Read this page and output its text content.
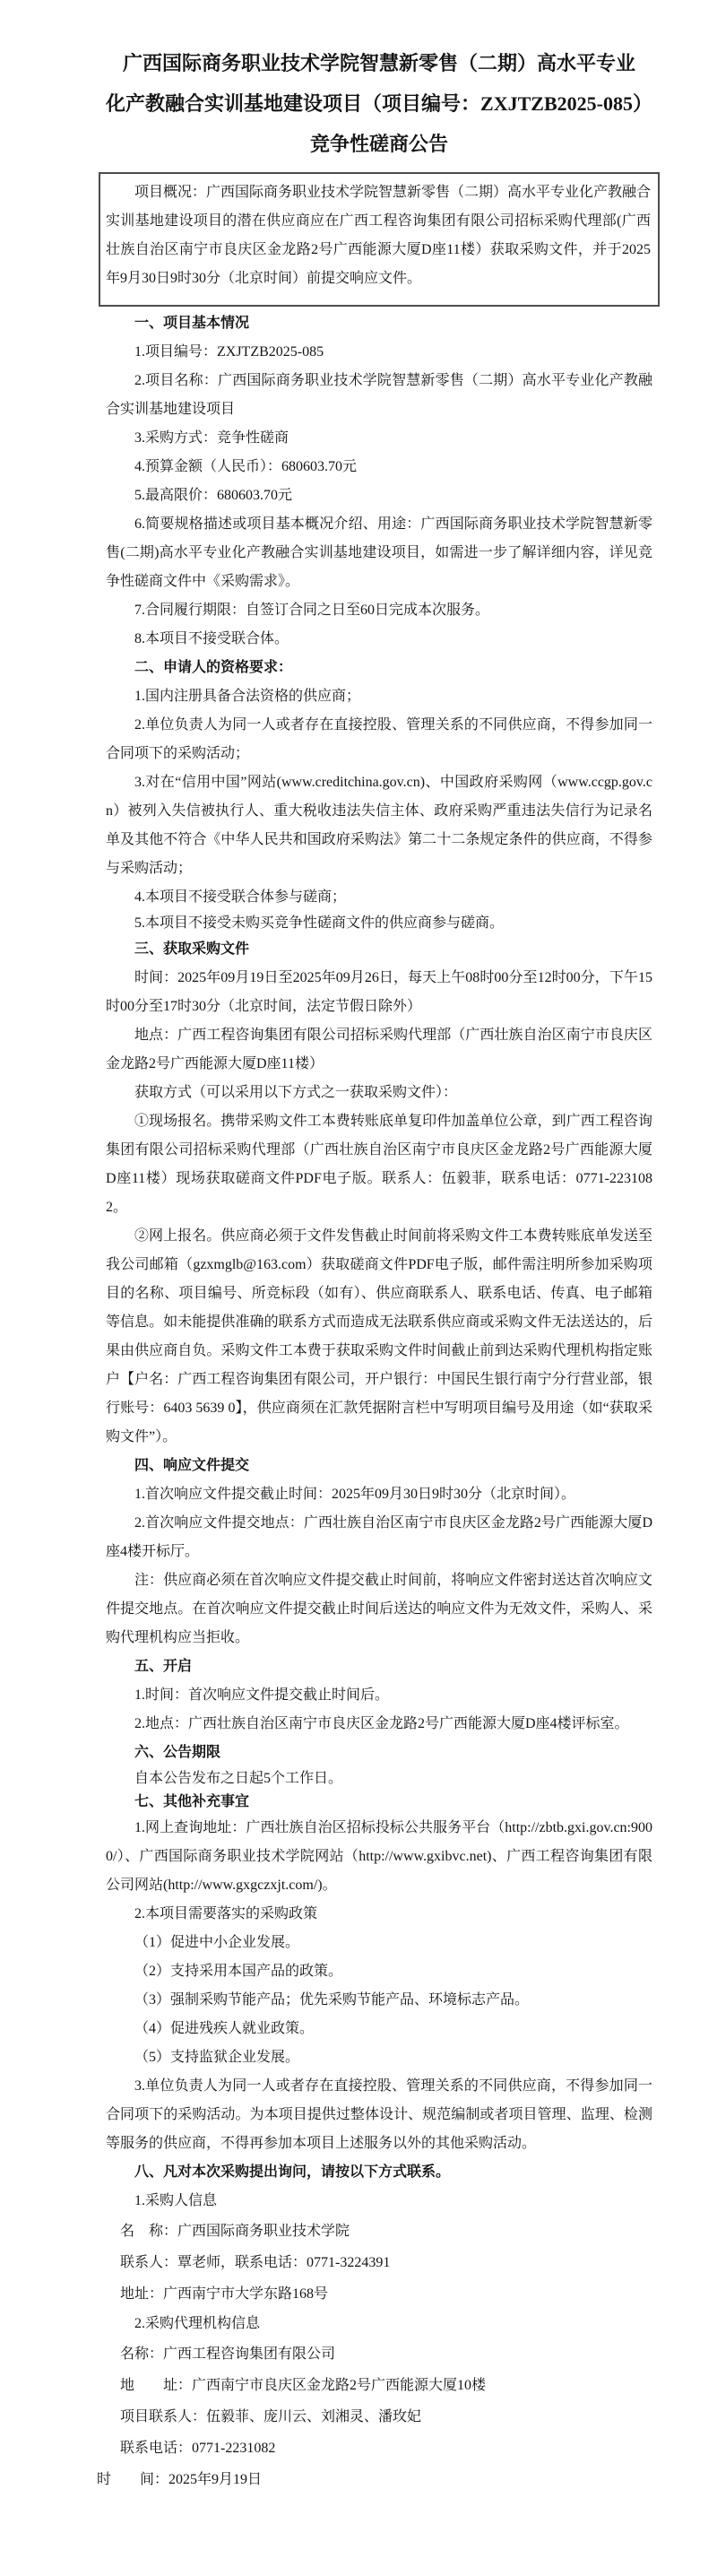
广西国际商务职业技术学院智慧新零售（二期）高水平专业
化产教融合实训基地建设项目（项目编号：ZXJTZB2025-085）
竞争性磋商公告

项目概况：广西国际商务职业技术学院智慧新零售（二期）高水平专业化产教融合实训基地建设项目的潜在供应商应在广西工程咨询集团有限公司招标采购代理部(广西壮族自治区南宁市良庆区金龙路2号广西能源大厦D座11楼）获取采购文件，并于2025年9月30日9时30分（北京时间）前提交响应文件。

一、项目基本情况

1.项目编号：ZXJTZB2025-085

2.项目名称：广西国际商务职业技术学院智慧新零售（二期）高水平专业化产教融合实训基地建设项目

3.采购方式：竞争性磋商

4.预算金额（人民币）：680603.70元

5.最高限价：680603.70元

6.简要规格描述或项目基本概况介绍、用途：广西国际商务职业技术学院智慧新零售(二期)高水平专业化产教融合实训基地建设项目，如需进一步了解详细内容，详见竞争性磋商文件中《采购需求》。

7.合同履行期限：自签订合同之日至60日完成本次服务。

8.本项目不接受联合体。

二、申请人的资格要求：

1.国内注册具备合法资格的供应商；

2.单位负责人为同一人或者存在直接控股、管理关系的不同供应商，不得参加同一合同项下的采购活动；

3.对在“信用中国”网站(www.creditchina.gov.cn)、中国政府采购网（www.ccgp.gov.cn）被列入失信被执行人、重大税收违法失信主体、政府采购严重违法失信行为记录名单及其他不符合《中华人民共和国政府采购法》第二十二条规定条件的供应商，不得参与采购活动；

4.本项目不接受联合体参与磋商；

5.本项目不接受未购买竞争性磋商文件的供应商参与磋商。

三、获取采购文件

时间：2025年09月19日至2025年09月26日，每天上午08时00分至12时00分，下午15时00分至17时30分（北京时间，法定节假日除外）

地点：广西工程咨询集团有限公司招标采购代理部（广西壮族自治区南宁市良庆区金龙路2号广西能源大厦D座11楼）

获取方式（可以采用以下方式之一获取采购文件）：

①现场报名。携带采购文件工本费转账底单复印件加盖单位公章，到广西工程咨询集团有限公司招标采购代理部（广西壮族自治区南宁市良庆区金龙路2号广西能源大厦D座11楼）现场获取磋商文件PDF电子版。联系人：伍毅菲，联系电话：0771-2231082。

②网上报名。供应商必须于文件发售截止时间前将采购文件工本费转账底单发送至我公司邮箱（gzxmglb@163.com）获取磋商文件PDF电子版，邮件需注明所参加采购项目的名称、项目编号、所竞标段（如有）、供应商联系人、联系电话、传真、电子邮箱等信息。如未能提供准确的联系方式而造成无法联系供应商或采购文件无法送达的，后果由供应商自负。采购文件工本费于获取采购文件时间截止前到达采购代理机构指定账户【户名：广西工程咨询集团有限公司，开户银行：中国民生银行南宁分行营业部，银行账号：6403 5639 0】，供应商须在汇款凭据附言栏中写明项目编号及用途（如“获取采购文件”）。

四、响应文件提交

1.首次响应文件提交截止时间：2025年09月30日9时30分（北京时间）。

2.首次响应文件提交地点：广西壮族自治区南宁市良庆区金龙路2号广西能源大厦D座4楼开标厅。

注：供应商必须在首次响应文件提交截止时间前，将响应文件密封送达首次响应文件提交地点。在首次响应文件提交截止时间后送达的响应文件为无效文件，采购人、采购代理机构应当拒收。

五、开启

1.时间：首次响应文件提交截止时间后。

2.地点：广西壮族自治区南宁市良庆区金龙路2号广西能源大厦D座4楼评标室。

六、公告期限

自本公告发布之日起5个工作日。

七、其他补充事宜

1.网上查询地址：广西壮族自治区招标投标公共服务平台（http://zbtb.gxi.gov.cn:9000/）、广西国际商务职业技术学院网站（http://www.gxibvc.net)、广西工程咨询集团有限公司网站(http://www.gxgczxjt.com/)。

2.本项目需要落实的采购政策

（1）促进中小企业发展。

（2）支持采用本国产品的政策。

（3）强制采购节能产品；优先采购节能产品、环境标志产品。

（4）促进残疾人就业政策。

（5）支持监狱企业发展。

3.单位负责人为同一人或者存在直接控股、管理关系的不同供应商，不得参加同一合同项下的采购活动。为本项目提供过整体设计、规范编制或者项目管理、监理、检测等服务的供应商，不得再参加本项目上述服务以外的其他采购活动。

八、凡对本次采购提出询问，请按以下方式联系。

1.采购人信息

名　称：广西国际商务职业技术学院

联系人：覃老师，联系电话：0771-3224391

地址：广西南宁市大学东路168号

2.采购代理机构信息

名称：广西工程咨询集团有限公司

地　　址：广西南宁市良庆区金龙路2号广西能源大厦10楼

项目联系人：伍毅菲、庞川云、刘湘灵、潘玫妃

联系电话：0771-2231082

时　　间：2025年9月19日
